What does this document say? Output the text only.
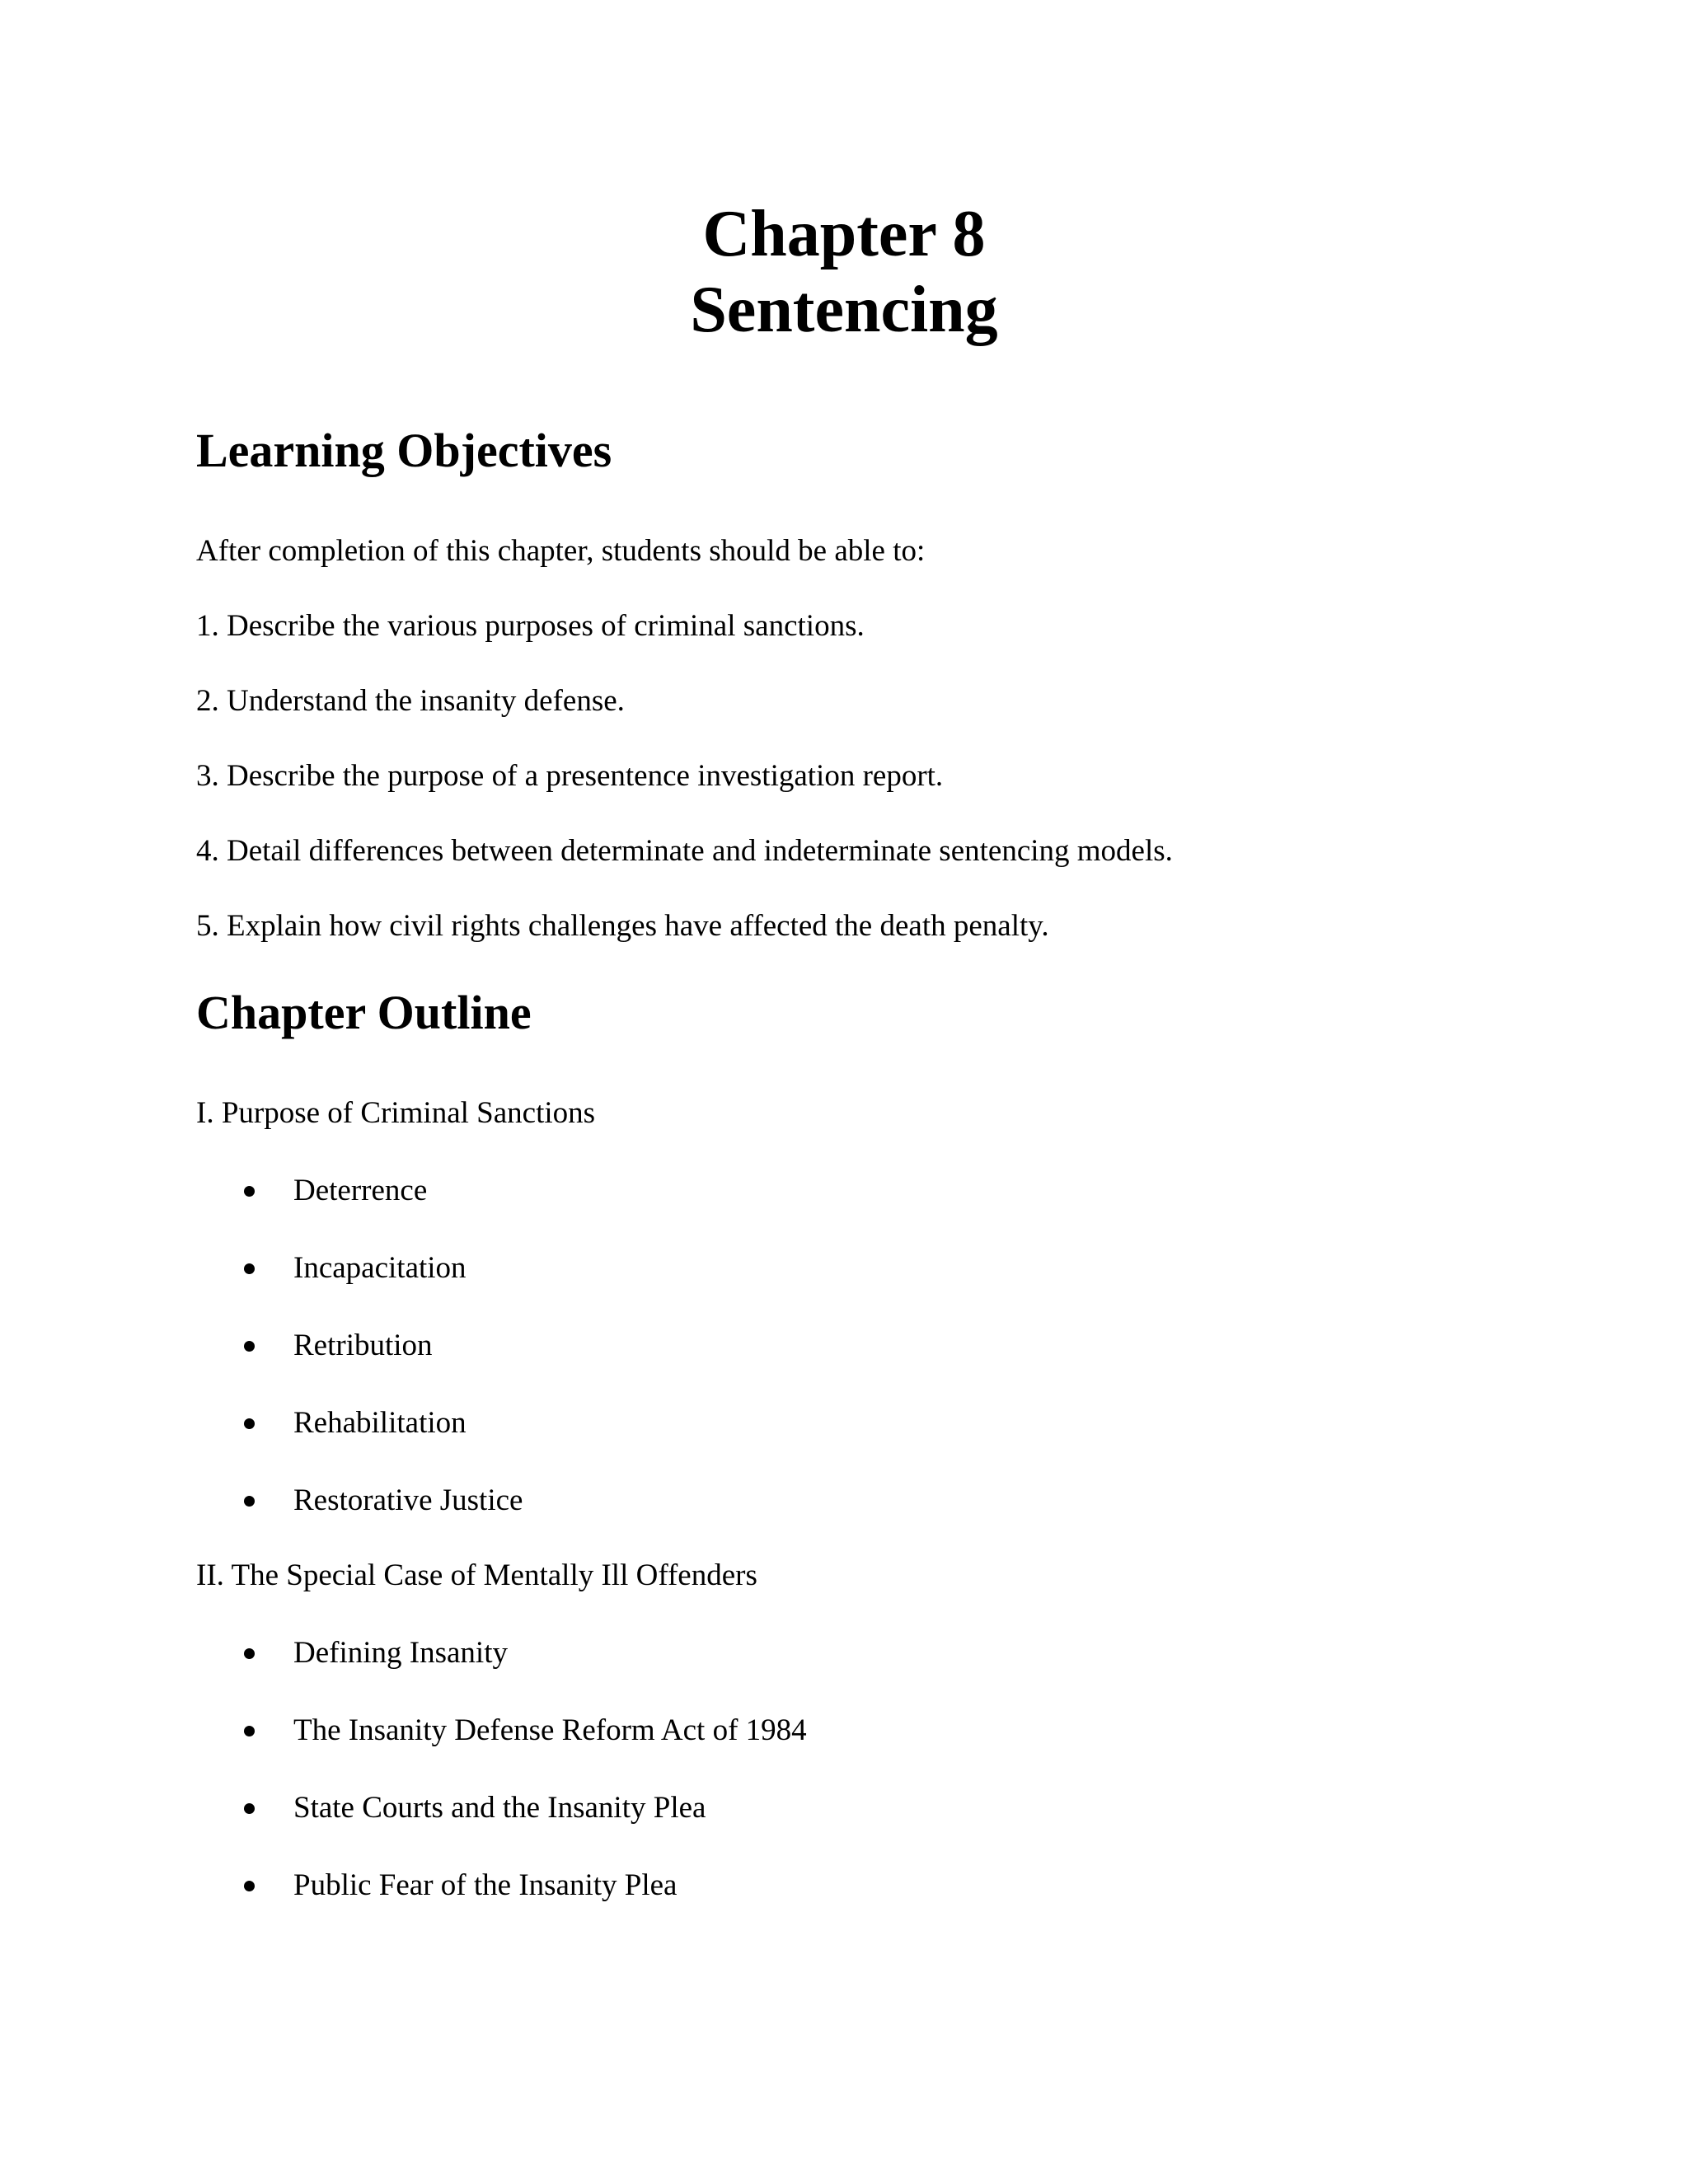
Chapter 8
Sentencing
Learning Objectives

After completion of this chapter, students should be able to:

1. Describe the various purposes of criminal sanctions.

2. Understand the insanity defense.

3. Describe the purpose of a presentence investigation report.

4. Detail differences between determinate and indeterminate sentencing models.

5. Explain how civil rights challenges have affected the death penalty.

Chapter Outline

I. Purpose of Criminal Sanctions

Deterrence
Incapacitation
Retribution
Rehabilitation
Restorative Justice

II. The Special Case of Mentally Ill Offenders

Defining Insanity
The Insanity Defense Reform Act of 1984
State Courts and the Insanity Plea
Public Fear of the Insanity Plea
